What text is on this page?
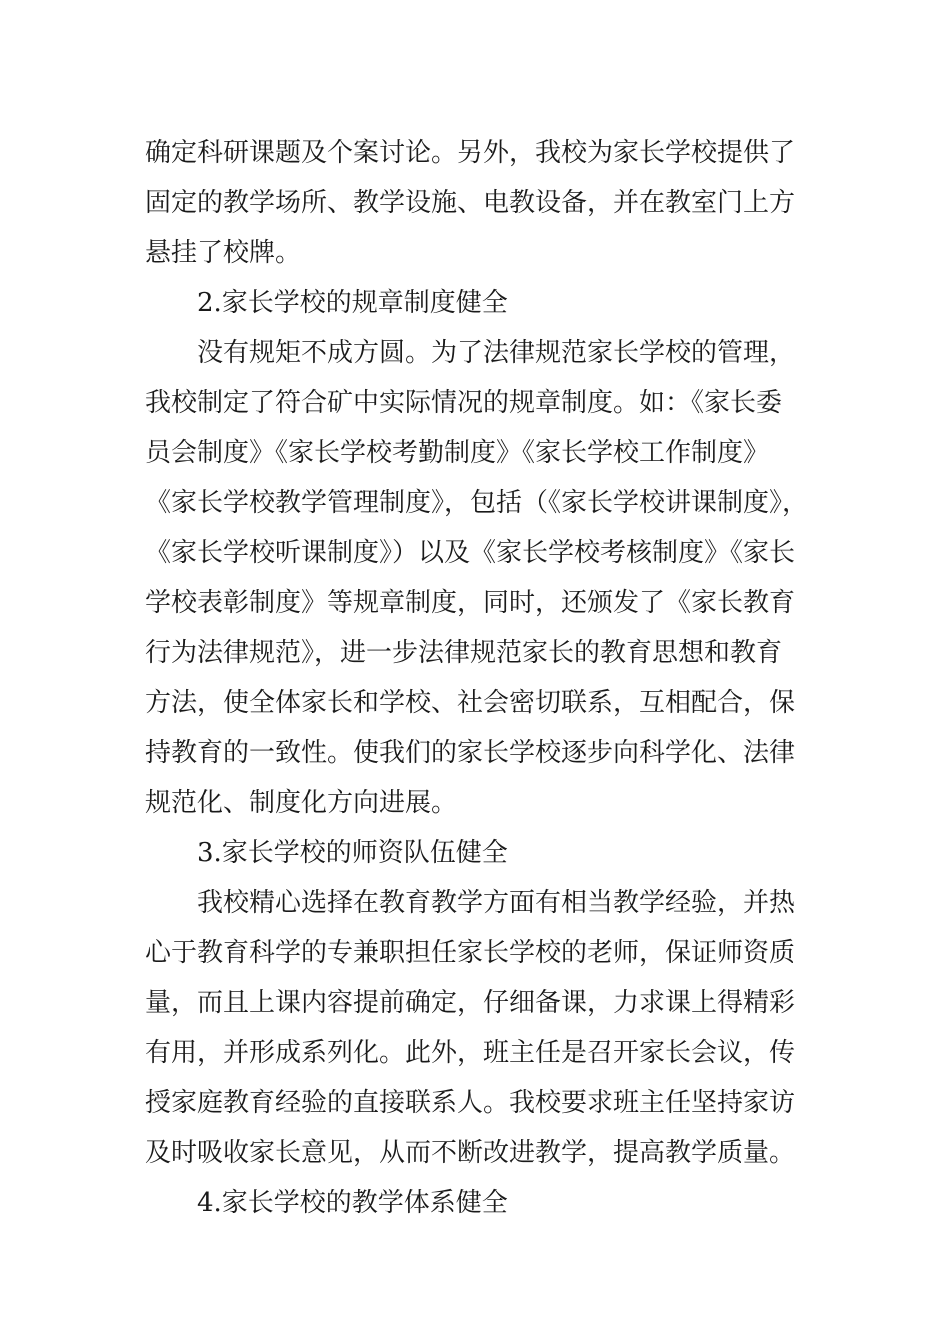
确定科研课题及个案讨论。另外，我校为家长学校提供了
固定的教学场所、教学设施、电教设备，并在教室门上方
悬挂了校牌。
2.家长学校的规章制度健全
没有规矩不成方圆。为了法律规范家长学校的管理，
我校制定了符合矿中实际情况的规章制度。如：《家长委
员会制度》《家长学校考勤制度》《家长学校工作制度》
《家长学校教学管理制度》，包括（《家长学校讲课制度》，
《家长学校听课制度》）以及《家长学校考核制度》《家长
学校表彰制度》等规章制度，同时，还颁发了《家长教育
行为法律规范》，进一步法律规范家长的教育思想和教育
方法，使全体家长和学校、社会密切联系，互相配合，保
持教育的一致性。使我们的家长学校逐步向科学化、法律
规范化、制度化方向进展。
3.家长学校的师资队伍健全
我校精心选择在教育教学方面有相当教学经验，并热
心于教育科学的专兼职担任家长学校的老师，保证师资质
量，而且上课内容提前确定，仔细备课，力求课上得精彩
有用，并形成系列化。此外，班主任是召开家长会议，传
授家庭教育经验的直接联系人。我校要求班主任坚持家访
及时吸收家长意见，从而不断改进教学，提高教学质量。
4.家长学校的教学体系健全
